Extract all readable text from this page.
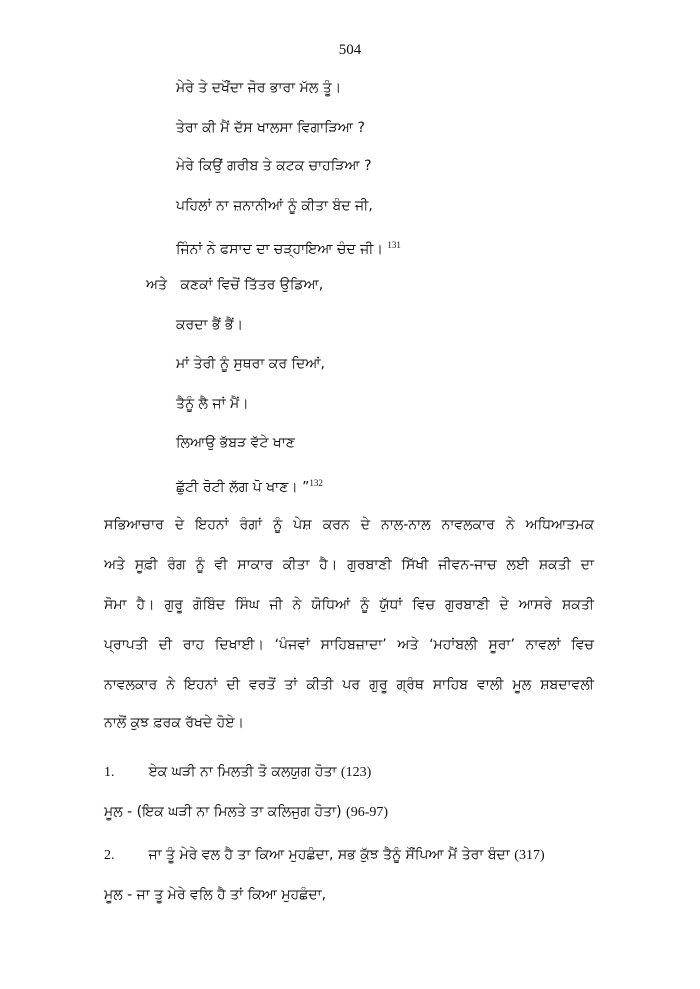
504
ਮੇਰੇ ਤੇ ਦਖੌਂਦਾ ਜੋਰ ਭਾਰਾ ਮੱਲ ਤੂੰ।
ਤੇਰਾ ਕੀ ਮੈਂ ਦੱਸ ਖਾਲਸਾ ਵਿਗਾੜਿਆ ?
ਮੇਰੇ ਕਿਉਂ ਗਰੀਬ ਤੇ ਕਟਕ ਚਾਹੜਿਆ ?
ਪਹਿਲਾਂ ਨਾ ਜ਼ਨਾਨੀਆਂ ਨੂੰ ਕੀਤਾ ਬੰਦ ਜੀ,
ਜਿੰਨਾਂ ਨੇ ਫਸਾਦ ਦਾ ਚੜ੍ਹਾਇਆ ਚੰਦ ਜੀ। $^{131}$
ਅਤੇ ਕਣਕਾਂ ਵਿਚੋਂ ਤਿੱਤਰ ਉਡਿਆ,
ਕਰਦਾ ਭੈਂ ਭੈਂ।
ਮਾਂ ਤੇਰੀ ਨੂੰ ਸੁਥਰਾ ਕਰ ਦਿਆਂ,
ਤੈਨੂੰ ਲੈ ਜਾਂ ਮੈਂ।
ਲਿਆਉ ਭੱਬੜ ਵੱਟੇ ਖਾਣ
ਛੁੱਟੀ ਰੋਟੀ ਲੱਗ ਪੋ ਖਾਣ। ”$^{132}$
ਸਭਿਆਚਾਰ ਦੇ ਇਹਨਾਂ ਰੰਗਾਂ ਨੂੰ ਪੇਸ਼ ਕਰਨ ਦੇ ਨਾਲ-ਨਾਲ ਨਾਵਲਕਾਰ ਨੇ ਅਧਿਆਤਮਕ
ਅਤੇ ਸੂਫ਼ੀ ਰੰਗ ਨੂੰ ਵੀ ਸਾਕਾਰ ਕੀਤਾ ਹੈ। ਗੁਰਬਾਣੀ ਸਿੱਖੀ ਜੀਵਨ-ਜਾਚ ਲਈ ਸ਼ਕਤੀ ਦਾ
ਸੋਮਾ ਹੈ। ਗੁਰੂ ਗੋਬਿੰਦ ਸਿੰਘ ਜੀ ਨੇ ਯੋਧਿਆਂ ਨੂੰ ਯੁੱਧਾਂ ਵਿਚ ਗੁਰਬਾਣੀ ਦੇ ਆਸਰੇ ਸ਼ਕਤੀ
ਪ੍ਰਾਪਤੀ ਦੀ ਰਾਹ ਦਿਖਾਈ। ‘ਪੰਜਵਾਂ ਸਾਹਿਬਜ਼ਾਦਾ’ ਅਤੇ ‘ਮਹਾਂਬਲੀ ਸੂਰਾ’ ਨਾਵਲਾਂ ਵਿਚ
ਨਾਵਲਕਾਰ ਨੇ ਇਹਨਾਂ ਦੀ ਵਰਤੋਂ ਤਾਂ ਕੀਤੀ ਪਰ ਗੁਰੂ ਗ੍ਰੰਥ ਸਾਹਿਬ ਵਾਲੀ ਮੂਲ ਸ਼ਬਦਾਵਲੀ
ਨਾਲੋਂ ਕੁਝ ਫ਼ਰਕ ਰੱਖਦੇ ਹੋਏ।
1. ਏਕ ਘੜੀ ਨਾ ਮਿਲਤੀ ਤੋ ਕਲਯੁਗ ਹੋਤਾ (123)
ਮੂਲ - (ਇਕ ਘੜੀ ਨਾ ਮਿਲਤੇ ਤਾ ਕਲਿਜੁਗ ਹੋਤਾ) (96-97)
2. ਜਾ ਤੂੰ ਮੇਰੇ ਵਲ ਹੈ ਤਾ ਕਿਆ ਮੁਹਛੰਦਾ, ਸਭ ਕੁੱਝ ਤੈਨੂੰ ਸੌਂਪਿਆ ਮੈਂ ਤੇਰਾ ਬੰਦਾ (317)
ਮੂਲ - ਜਾ ਤੂ ਮੇਰੇ ਵਲਿ ਹੈ ਤਾਂ ਕਿਆ ਮੁਹਛੰਦਾ,
